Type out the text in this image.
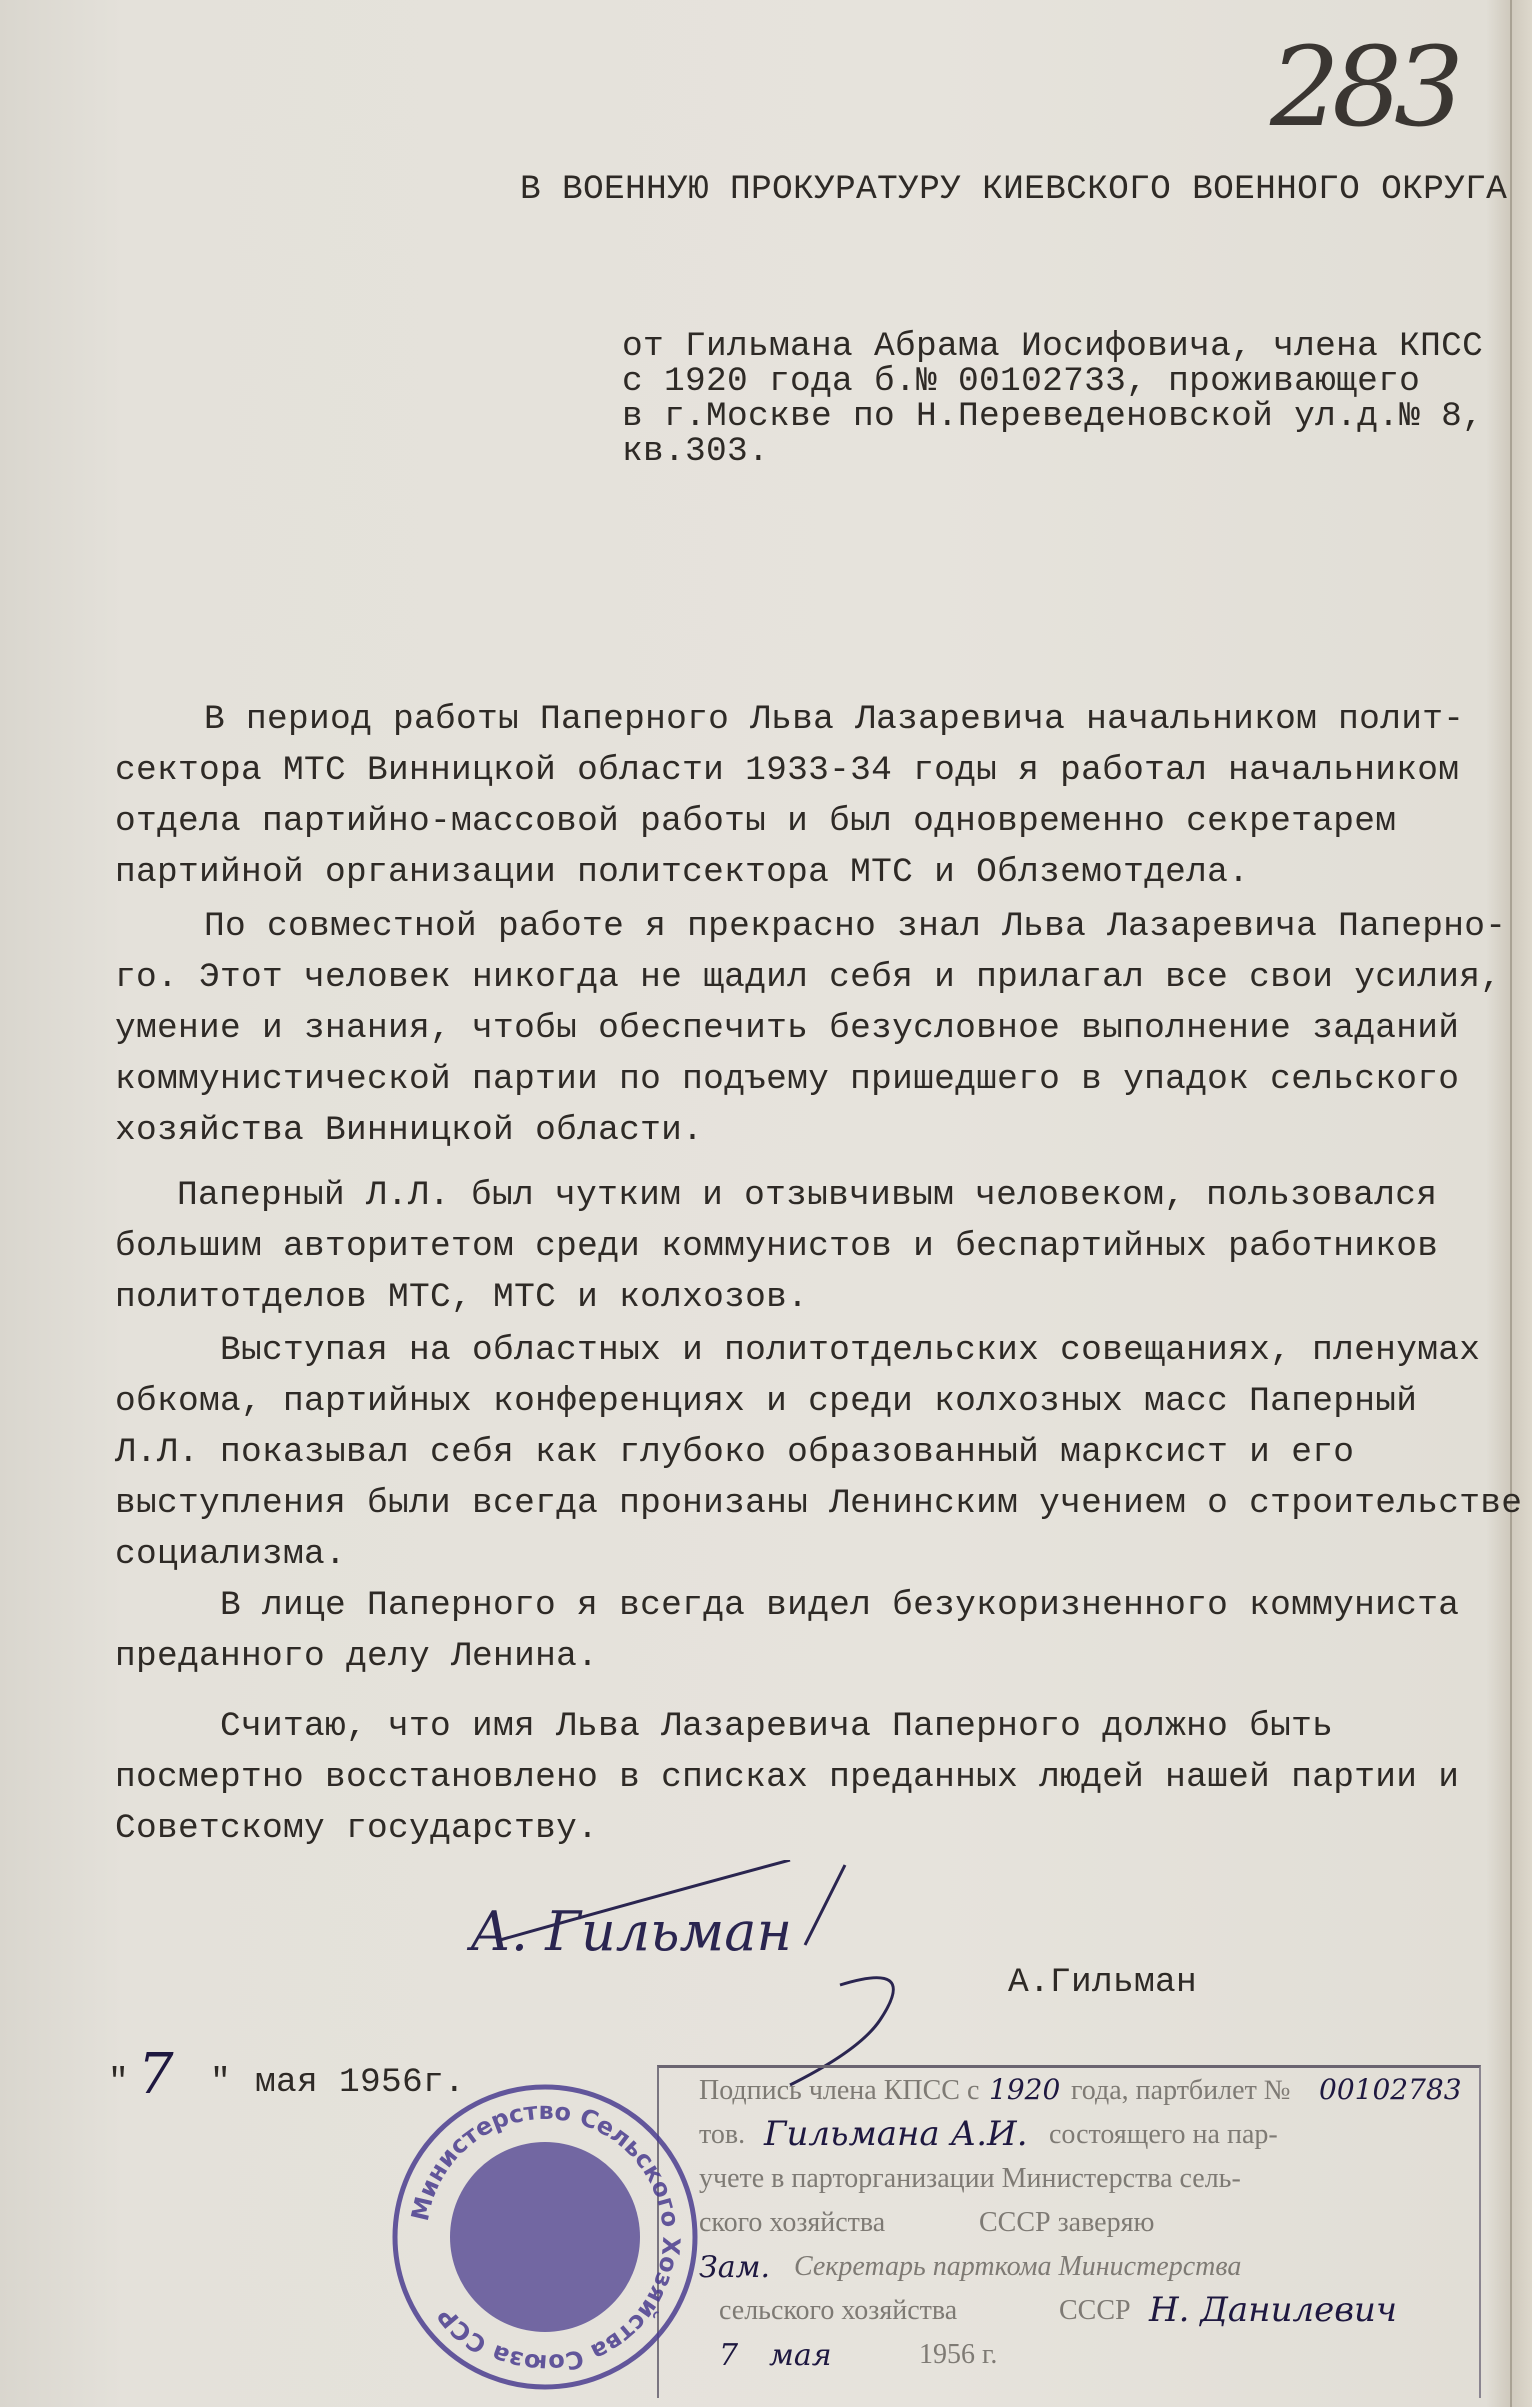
283
В ВОЕННУЮ ПРОКУРАТУРУ КИЕВСКОГО ВОЕННОГО ОКРУГА
от Гильмана Абрама Иосифовича, члена КПСС
с 1920 года б.№ 00102733, проживающего
в г.Москве по Н.Переведеновской ул.д.№ 8,
кв.303.
В период работы Паперного Льва Лазаревича начальником полит-
сектора МТС Винницкой области 1933-34 годы я работал начальником
отдела партийно-массовой работы и был одновременно секретарем
партийной организации политсектора МТС и Облземотдела.
По совместной работе я прекрасно знал Льва Лазаревича Паперно-
го. Этот человек никогда не щадил себя и прилагал все свои усилия,
умение и знания, чтобы обеспечить безусловное выполнение заданий
коммунистической партии по подъему пришедшего в упадок сельского
хозяйства Винницкой области.
Паперный Л.Л. был чутким и отзывчивым человеком, пользовался
большим авторитетом среди коммунистов и беспартийных работников
политотделов МТС, МТС и колхозов.
Выступая на областных и политотдельских совещаниях, пленумах
обкома, партийных конференциях и среди колхозных масс Паперный
Л.Л. показывал себя как глубоко образованный марксист и его
выступления были всегда пронизаны Ленинским учением о строительстве
социализма.
В лице Паперного я всегда видел безукоризненного коммуниста
преданного делу Ленина.
Считаю, что имя Льва Лазаревича Паперного должно быть
посмертно восстановлено в списках преданных людей нашей партии и
Советскому государству.
А. Гильман
А.Гильман
" 7 " мая 1956г.	Подпись члена КПСС с 1920 года, партбилет № 00102783
тов. Гильмана А.И. состоящего на пар-
учете в парторганизации Министерства сель-
ского хозяйства	СССР заверяю
Зам. Секретарь парткома Министерства
сельского хозяйства	СССР Н. Данилевич
7 мая	1956 г.
Министерство Сельского Хозяйства Союза ССР
